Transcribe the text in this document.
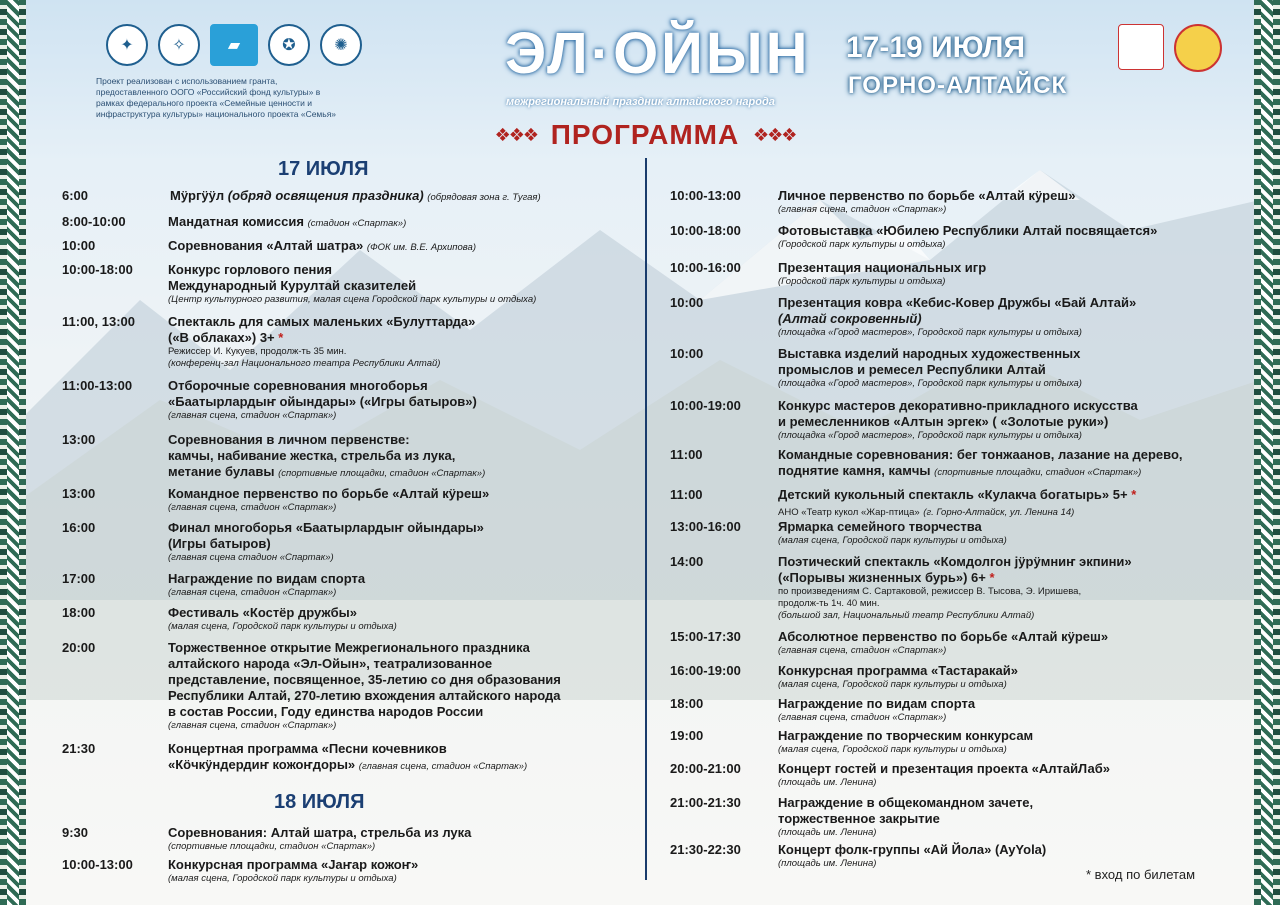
✦	✧	▰	✪	✺
Проект реализован с использованием гранта, предоставленного ООГО «Российский фонд культуры» в рамках федерального проекта «Семейные ценности и инфраструктура культуры» национального проекта «Семья»
ЭЛ·ОЙЫН
межрегиональный праздник алтайского народа
17-19 ИЮЛЯ
ГОРНО-АЛТАЙСК
❖❖❖ ПРОГРАММА ❖❖❖
17 ИЮЛЯ
6:00	Мӱргӱӱл (обряд освящения праздника) (обрядовая зона г. Тугая)
8:00-10:00	Мандатная комиссия (стадион «Спартак»)
10:00	Соревнования «Алтай шатра» (ФОК им. В.Е. Архипова)
10:00-18:00	Конкурс горлового пения
Международный Курултай сказителей
(Центр культурного развития, малая сцена Городской парк культуры и отдыха)
11:00, 13:00	Спектакль для самых маленьких «Булуттарда»
(«В облаках») 3+ *
Режиссер И. Кукуев, продолж-ть 35 мин.
(конференц-зал Национального театра Республики Алтай)
11:00-13:00	Отборочные соревнования многоборья
«Баатырлардыҥ ойындары» («Игры батыров»)
(главная сцена, стадион «Спартак»)
13:00	Соревнования в личном первенстве:
камчы, набивание жестка, стрельба из лука,
метание булавы (спортивные площадки, стадион «Спартак»)
13:00	Командное первенство по борьбе «Алтай кӱреш»
(главная сцена, стадион «Спартак»)
16:00	Финал многоборья «Баатырлардыҥ ойындары»
(Игры батыров)
(главная сцена стадион «Спартак»)
17:00	Награждение по видам спорта
(главная сцена, стадион «Спартак»)
18:00	Фестиваль «Костёр дружбы»
(малая сцена, Городской парк культуры и отдыха)
20:00	Торжественное открытие Межрегионального праздника
алтайского народа «Эл-Ойын», театрализованное
представление, посвященное, 35-летию со дня образования
Республики Алтай, 270-летию вхождения алтайского народа
в состав России, Году единства народов России
(главная сцена, стадион «Спартак»)
21:30	Концертная программа «Песни кочевников
«Кӧчкӱндердиҥ кожоҥдоры» (главная сцена, стадион «Спартак»)
18 ИЮЛЯ
9:30	Соревнования: Алтай шатра, стрельба из лука
(спортивные площадки, стадион «Спартак»)
10:00-13:00	Конкурсная программа «Јаҥар кожоҥ»
(малая сцена, Городской парк культуры и отдыха)
10:00-13:00	Личное первенство по борьбе «Алтай кӱреш»
(главная сцена, стадион «Спартак»)
10:00-18:00	Фотовыставка «Юбилею Республики Алтай посвящается»
(Городской парк культуры и отдыха)
10:00-16:00	Презентация национальных игр
(Городской парк культуры и отдыха)
10:00	Презентация ковра «Кебис-Ковер Дружбы «Бай Алтай»
(Алтай сокровенный)
(площадка «Город мастеров», Городской парк культуры и отдыха)
10:00	Выставка изделий народных художественных
промыслов и ремесел Республики Алтай
(площадка «Город мастеров», Городской парк культуры и отдыха)
10:00-19:00	Конкурс мастеров декоративно-прикладного искусства
и ремесленников «Алтын эргек» ( «Золотые руки»)
(площадка «Город мастеров», Городской парк культуры и отдыха)
11:00	Командные соревнования: бег тонжаанов, лазание на дерево,
поднятие камня, камчы (спортивные площадки, стадион «Спартак»)
11:00	Детский кукольный спектакль «Кулакча богатырь» 5+ *
АНО «Театр кукол «Жар-птица» (г. Горно-Алтайск, ул. Ленина 14)
13:00-16:00	Ярмарка семейного творчества
(малая сцена, Городской парк культуры и отдыха)
14:00	Поэтический спектакль «Комдолгон јӱрӱмниҥ экпини»
(«Порывы жизненных бурь») 6+ *
по произведениям С. Сартаковой, режиссер В. Тысова, Э. Иришева,
продолж-ть 1ч. 40 мин.
(большой зал, Национальный театр Рeспублики Алтай)
15:00-17:30	Абсолютное первенство по борьбе «Алтай кӱреш»
(главная сцена, стадион «Спартак»)
16:00-19:00	Конкурсная программа «Тастаракай»
(малая сцена, Городской парк культуры и отдыха)
18:00	Награждение по видам спорта
(главная сцена, стадион «Спартак»)
19:00	Награждение по творческим конкурсам
(малая сцена, Городской парк культуры и отдыха)
20:00-21:00	Концерт гостей и презентация проекта «АлтайЛаб»
(площадь им. Ленина)
21:00-21:30	Награждение в общекомандном зачете,
торжественное закрытие
(площадь им. Ленина)
21:30-22:30	Концерт фолк-группы «Ай Йола» (AyYola)
(площадь им. Ленина)
* вход по билетам
